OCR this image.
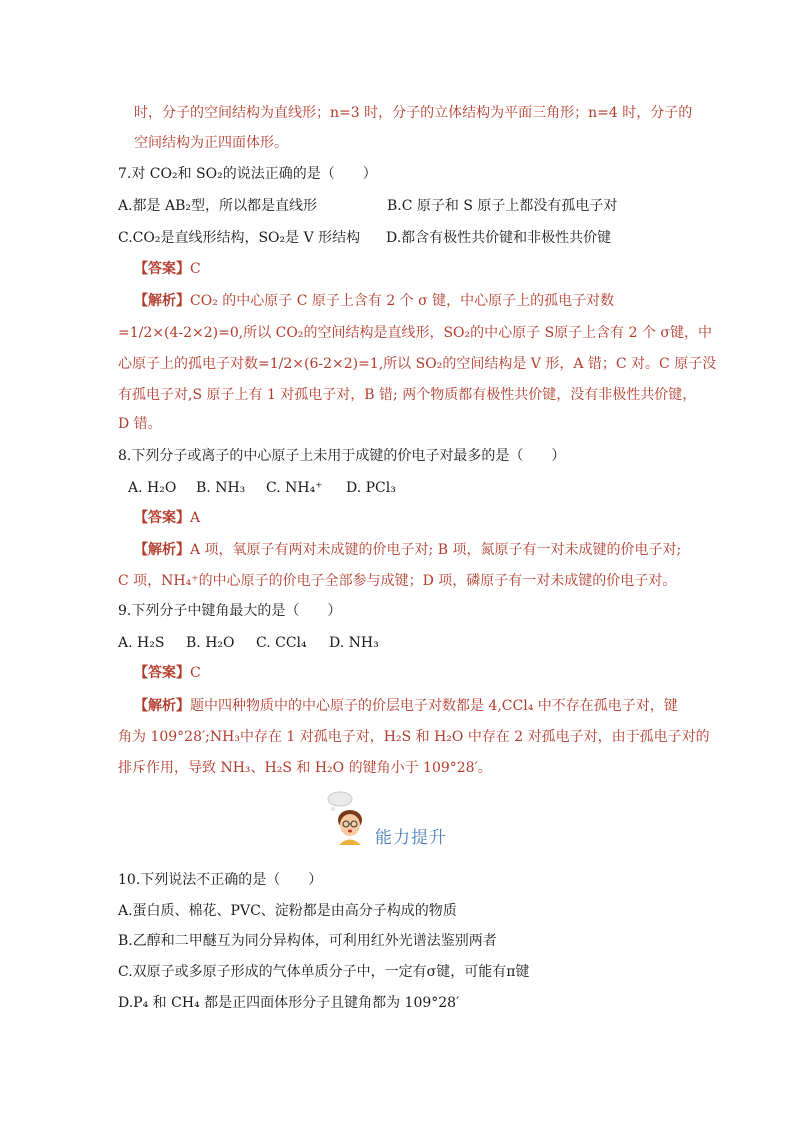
时，分子的空间结构为直线形；n=3 时，分子的立体结构为平面三角形；n=4 时，分子的
空间结构为正四面体形。
7.对 CO₂和 SO₂的说法正确的是（　　）
A.都是 AB₂型，所以都是直线形	B.C 原子和 S 原子上都没有孤电子对
C.CO₂是直线形结构，SO₂是 V 形结构 D.都含有极性共价键和非极性共价键
【答案】C
【解析】CO₂ 的中心原子 C 原子上含有 2 个 σ 键，中心原子上的孤电子对数
=1/2×(4-2×2)=0,所以 CO₂的空间结构是直线形，SO₂的中心原子 S原子上含有 2 个 σ键，中
心原子上的孤电子对数=1/2×(6-2×2)=1,所以 SO₂的空间结构是 V 形，A 错；C 对。C 原子没
有孤电子对,S 原子上有 1 对孤电子对，B 错; 两个物质都有极性共价键，没有非极性共价键，
D 错。
8.下列分子或离子的中心原子上未用于成键的价电子对最多的是（　　）
A. H₂O B. NH₃ C. NH₄⁺ D. PCl₃
【答案】A
【解析】A 项，氧原子有两对未成键的价电子对; B 项，氮原子有一对未成键的价电子对;
C 项，NH₄⁺的中心原子的价电子全部参与成键；D 项，磷原子有一对未成键的价电子对。
9.下列分子中键角最大的是（　　）
A. H₂S B. H₂O C. CCl₄ D. NH₃
【答案】C
【解析】题中四种物质中的中心原子的价层电子对数都是 4,CCl₄ 中不存在孤电子对，键
角为 109°28′;NH₃中存在 1 对孤电子对，H₂S 和 H₂O 中存在 2 对孤电子对，由于孤电子对的
排斥作用，导致 NH₃、H₂S 和 H₂O 的键角小于 109°28′。
能力提升
10.下列说法不正确的是（　　）
A.蛋白质、棉花、PVC、淀粉都是由高分子构成的物质
B.乙醇和二甲醚互为同分异构体，可利用红外光谱法鉴别两者
C.双原子或多原子形成的气体单质分子中，一定有σ键，可能有π键
D.P₄ 和 CH₄ 都是正四面体形分子且键角都为 109°28′
